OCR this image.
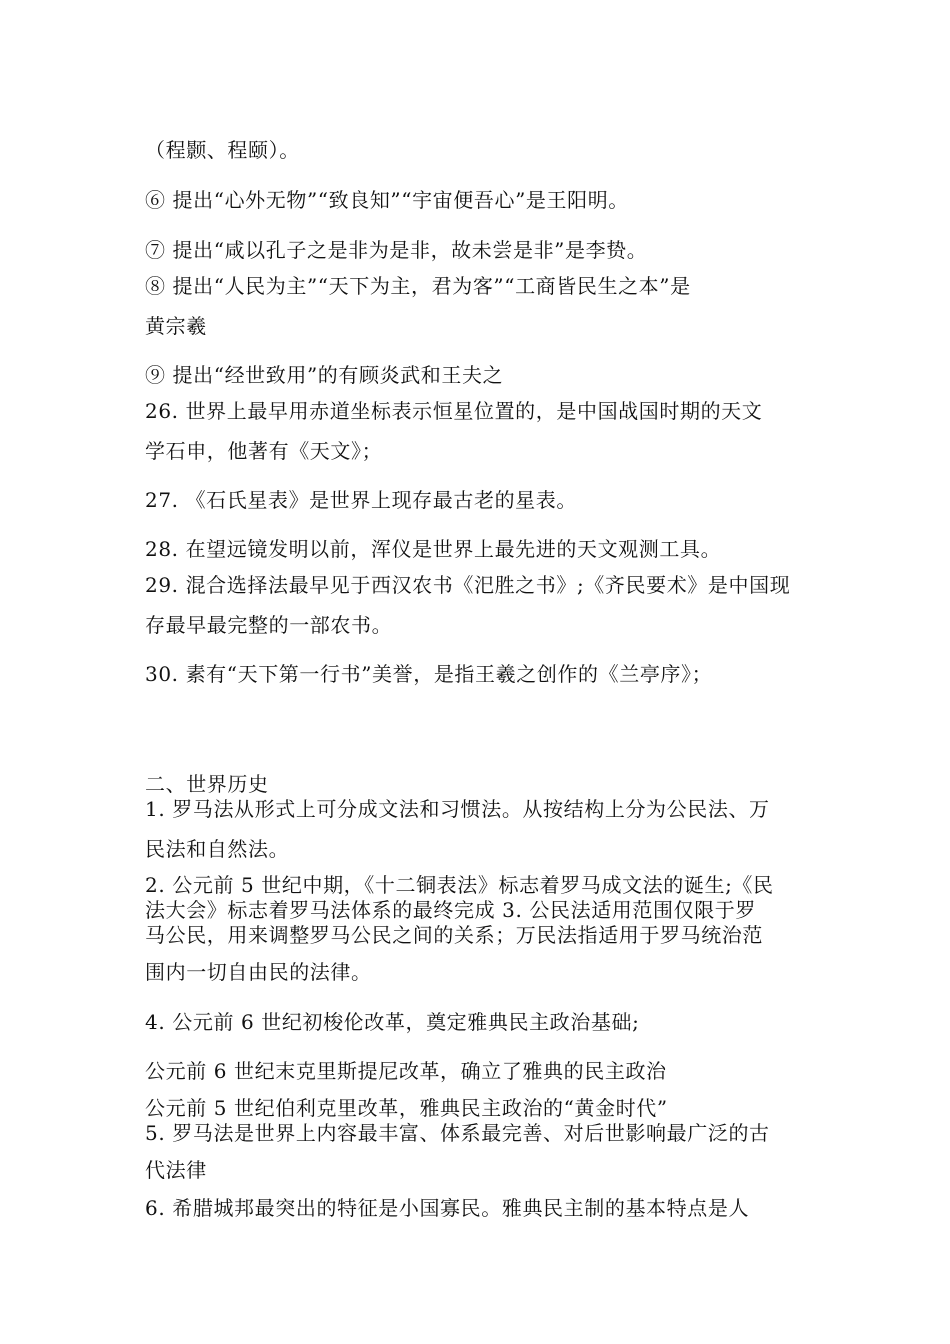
（程颢、程颐）。
⑥ 提出“心外无物”“致良知”“宇宙便吾心”是王阳明。
⑦ 提出“咸以孔子之是非为是非，故未尝是非”是李贽。
⑧ 提出“人民为主”“天下为主，君为客”“工商皆民生之本”是
黄宗羲
⑨ 提出“经世致用”的有顾炎武和王夫之
26. 世界上最早用赤道坐标表示恒星位置的，是中国战国时期的天文
学石申，他著有《天文》；
27. 《石氏星表》是世界上现存最古老的星表。
28. 在望远镜发明以前，浑仪是世界上最先进的天文观测工具。
29. 混合选择法最早见于西汉农书《汜胜之书》;《齐民要术》是中国现
存最早最完整的一部农书。
30. 素有“天下第一行书”美誉，是指王羲之创作的《兰亭序》；
二、世界历史
1. 罗马法从形式上可分成文法和习惯法。从按结构上分为公民法、万
民法和自然法。
2. 公元前 5 世纪中期，《十二铜表法》标志着罗马成文法的诞生;《民
法大会》标志着罗马法体系的最终完成 3. 公民法适用范围仅限于罗
马公民，用来调整罗马公民之间的关系；万民法指适用于罗马统治范
围内一切自由民的法律。
4. 公元前 6 世纪初梭伦改革，奠定雅典民主政治基础;
公元前 6 世纪末克里斯提尼改革，确立了雅典的民主政治
公元前 5 世纪伯利克里改革，雅典民主政治的“黄金时代”
5. 罗马法是世界上内容最丰富、体系最完善、对后世影响最广泛的古
代法律
6. 希腊城邦最突出的特征是小国寡民。雅典民主制的基本特点是人
